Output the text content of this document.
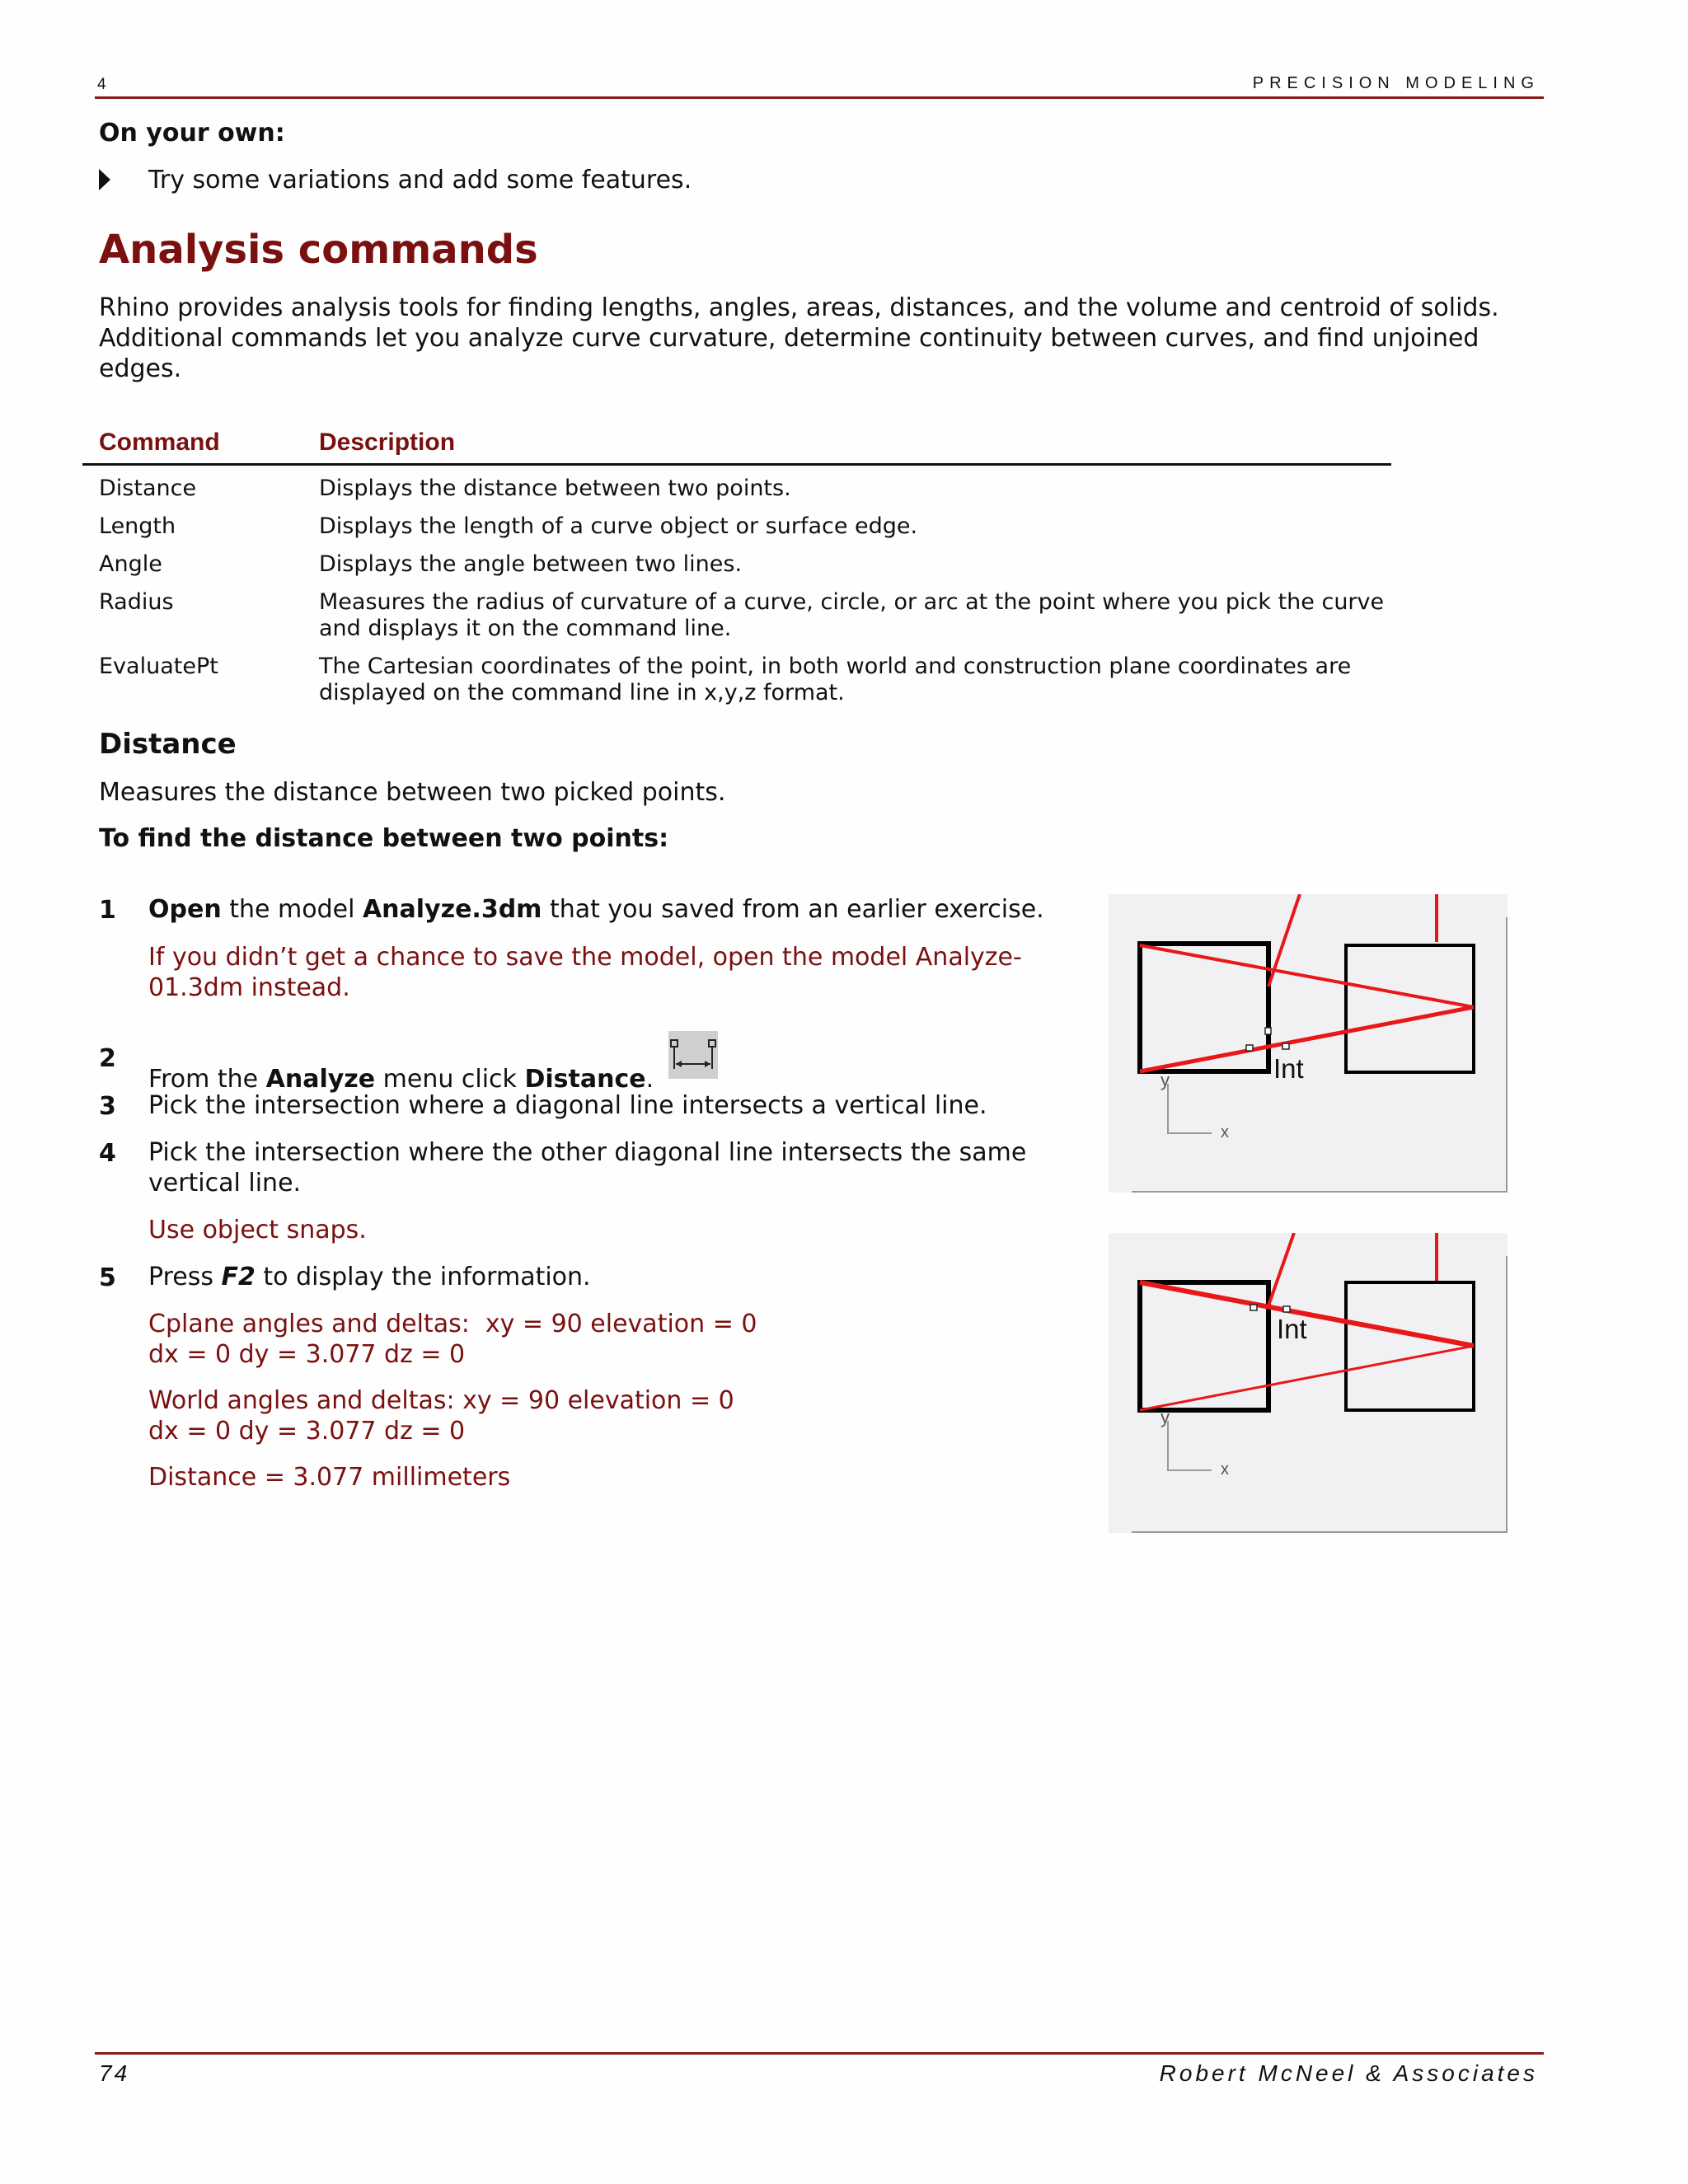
4	PRECISION MODELING
On your own:
Try some variations and add some features.
Analysis commands
Rhino provides analysis tools for finding lengths, angles, areas, distances, and the volume and centroid of solids. Additional commands let you analyze curve curvature, determine continuity between curves, and find unjoined edges.
Command	Description
Distance	Displays the distance between two points.
Length	Displays the length of a curve object or surface edge.
Angle	Displays the angle between two lines.
Radius	Measures the radius of curvature of a curve, circle, or arc at the point where you pick the curve and displays it on the command line.
EvaluatePt	The Cartesian coordinates of the point, in both world and construction plane coordinates are displayed on the command line in x,y,z format.
Distance
Measures the distance between two picked points.
To find the distance between two points:
1 Open the model Analyze.3dm that you saved from an earlier exercise.
If you didn’t get a chance to save the model, open the model Analyze-01.3dm instead.
2
From the Analyze menu click Distance.
3 Pick the intersection where a diagonal line intersects a vertical line.
4 Pick the intersection where the other diagonal line intersects the same vertical line.
Use object snaps.
5 Press F2 to display the information.
Cplane angles and deltas:  xy = 90 elevation = 0
dx = 0 dy = 3.077 dz = 0
World angles and deltas: xy = 90 elevation = 0
dx = 0 dy = 3.077 dz = 0
Distance = 3.077 millimeters
Int
y
x
Int
y
x
74	Robert McNeel & Associates
